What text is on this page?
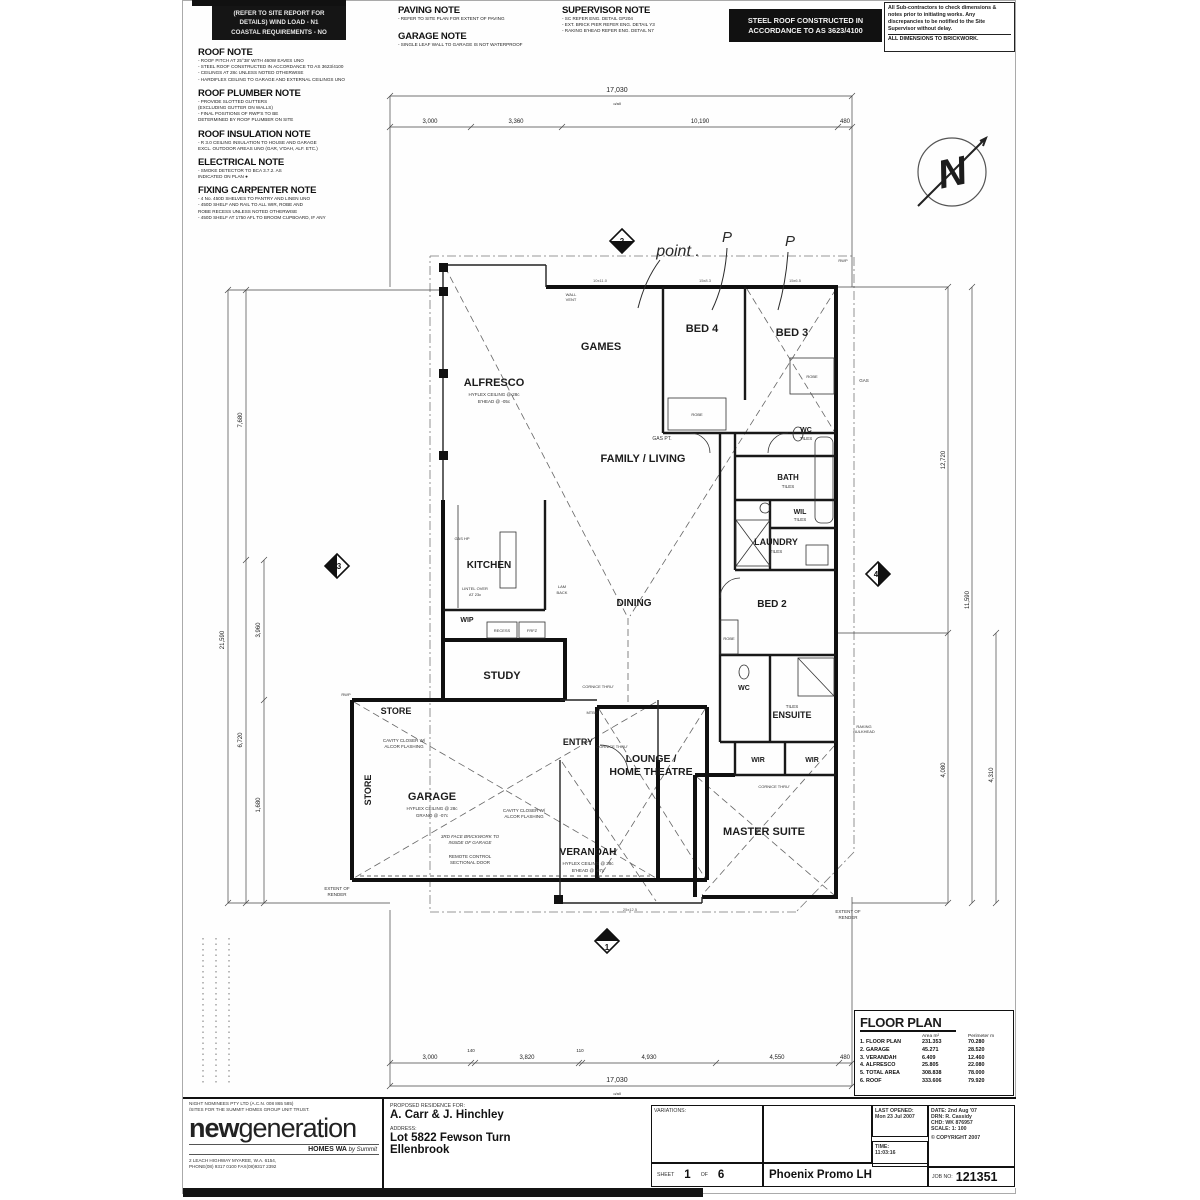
(REFER TO SITE REPORT FOR
DETAILS) WIND LOAD - N1
COASTAL REQUIREMENTS - NO
ROOF NOTE
- ROOF PITCH AT 25°38' WITH 460W EAVES UNO
- STEEL ROOF CONSTRUCTED IN ACCORDANCE TO AS 3623/4100
- CEILINGS AT 28c UNLESS NOTED OTHERWISE
- HARDIFLEX CEILING TO GARAGE AND EXTERNAL CEILINGS UNO
ROOF PLUMBER NOTE
- PROVIDE SLOTTED GUTTERS
(EXCLUDING GUTTER ON WALLS)
- FINAL POSITIONS OF RWP'S TO BE
DETERMINED BY ROOF PLUMBER ON SITE
ROOF INSULATION NOTE
- R 3.0 CEILING INSULATION TO HOUSE AND GARAGE
EXCL. OUTDOOR AREAS UNO (GAR, V'DAH, ALF. ETC.)
ELECTRICAL NOTE
- SMOKE DETECTOR TO BCA 3.7.2. AS
INDICATED ON PLAN ●
FIXING CARPENTER NOTE
- 4 No. 450D SHELVES TO PANTRY AND LINEN UNO
- 450D SHELF AND RAIL TO ALL WIR, ROBE AND
ROBE RECESS UNLESS NOTED OTHERWISE
- 450D SHELF AT 1750 AFL TO BROOM CUPBOARD, IF ANY
PAVING NOTE
- REFER TO SITE PLAN FOR EXTENT OF PAVING
GARAGE NOTE
- SINGLE LEAF WALL TO GARAGE IS NOT WATERPROOF
SUPERVISOR NOTE
- SC REFER ENG. DETAIL GP204
- EXT. BRICK PIER REFER ENG. DETAIL Y3
- RAKING B'HEAD REFER ENG. DETAIL N7
STEEL ROOF CONSTRUCTED IN ACCORDANCE TO AS 3623/4100
All Sub-contractors to check dimensions & notes prior to initiating works. Any discrepancies to be notified to the Site Supervisor without delay.
ALL DIMENSIONS TO BRICKWORK.
17,030
o/all
3,000	3,360	10,190	480
3,000
140
3,820
110
4,930	4,550	480
17,030
o/all
21,590
7,680
6,720
3,960
1,680
12,720
4,080
11,590
4,310
ALFRESCO
HYFLEX CEILING @ 28c
B'HEAD @ -05c
GAMES
BED 4	BED 3
FAMILY / LIVING
KITCHEN
DINING	BED 2
BATH
TILES
WC
TILES
WIL
TILES
LAUNDRY
TILES
STUDY
STORE
STORE	GARAGE
HYFLEX CEILING @ 28c
GRANO @ -07c
ENTRY
LOUNGE /
HOME THEATRE
WIR	WIR
TILES
ENSUITE
WC
MASTER SUITE
VERANDAH
HYFLEX CEILING @ 28c
B'HEAD @ -07c
WIP
RECESS	FRFZ
ROBE
ROBE
ROBE
GAS PT.
CORNICE THRU'
CORNICE THRU'
CORNICE THRU'
EXTENT OF
RENDER
EXTENT OF
RENDER
REMOTE CONTROL
SECTIONAL DOOR
3RD FACE BRICKWORK TO
INSIDE OF GARAGE
CAVITY CLOSER W/
ALCOR FLASHING
CAVITY CLOSER W/
ALCOR FLASHING
LINTEL OVER
AT 23c
LAM
BACK
GAS HP
GAS
MTBX
WALL
VENT
RAKING
BULKHEAD
RWP
RWP
10x11.0	15x8.3	15x6.5
25x12.5
point .
P	P
2
3
4
1
N
FLOOR PLAN
Area m²	Perimeter m
1. FLOOR PLAN	231.353	70.280
2. GARAGE	45.271	28.520
3. VERANDAH	6.409	12.460
4. ALFRESCO	25.805	22.080
5. TOTAL AREA	308.838	78.000
6. ROOF	333.606	79.920
NIGHT NOMINEES PTY LTD (A.C.N. 008 865 585)
/SITES FOR THE SUMMIT HOMES GROUP UNIT TRUST.
newgeneration
HOMES WA by Summit
2 LEACH HIGHWAY MYAREE, W.A. 6154,
PHONE(08) 9317 0100 FAX(08)9317 2392
PROPOSED RESIDENCE FOR:
A. Carr & J. Hinchley
ADDRESS:
Lot 5822 Fewson Turn
Ellenbrook
VARIATIONS:
SHEET 1 OF 6	Phoenix Promo LH
LAST OPENED:
Mon 23 Jul 2007
TIME:
11:03:16
DATE: 2nd Aug '07
DRN: R. Cassidy
CHD: WK 876957
SCALE: 1: 100
© COPYRIGHT 2007
JOB NO: 121351
